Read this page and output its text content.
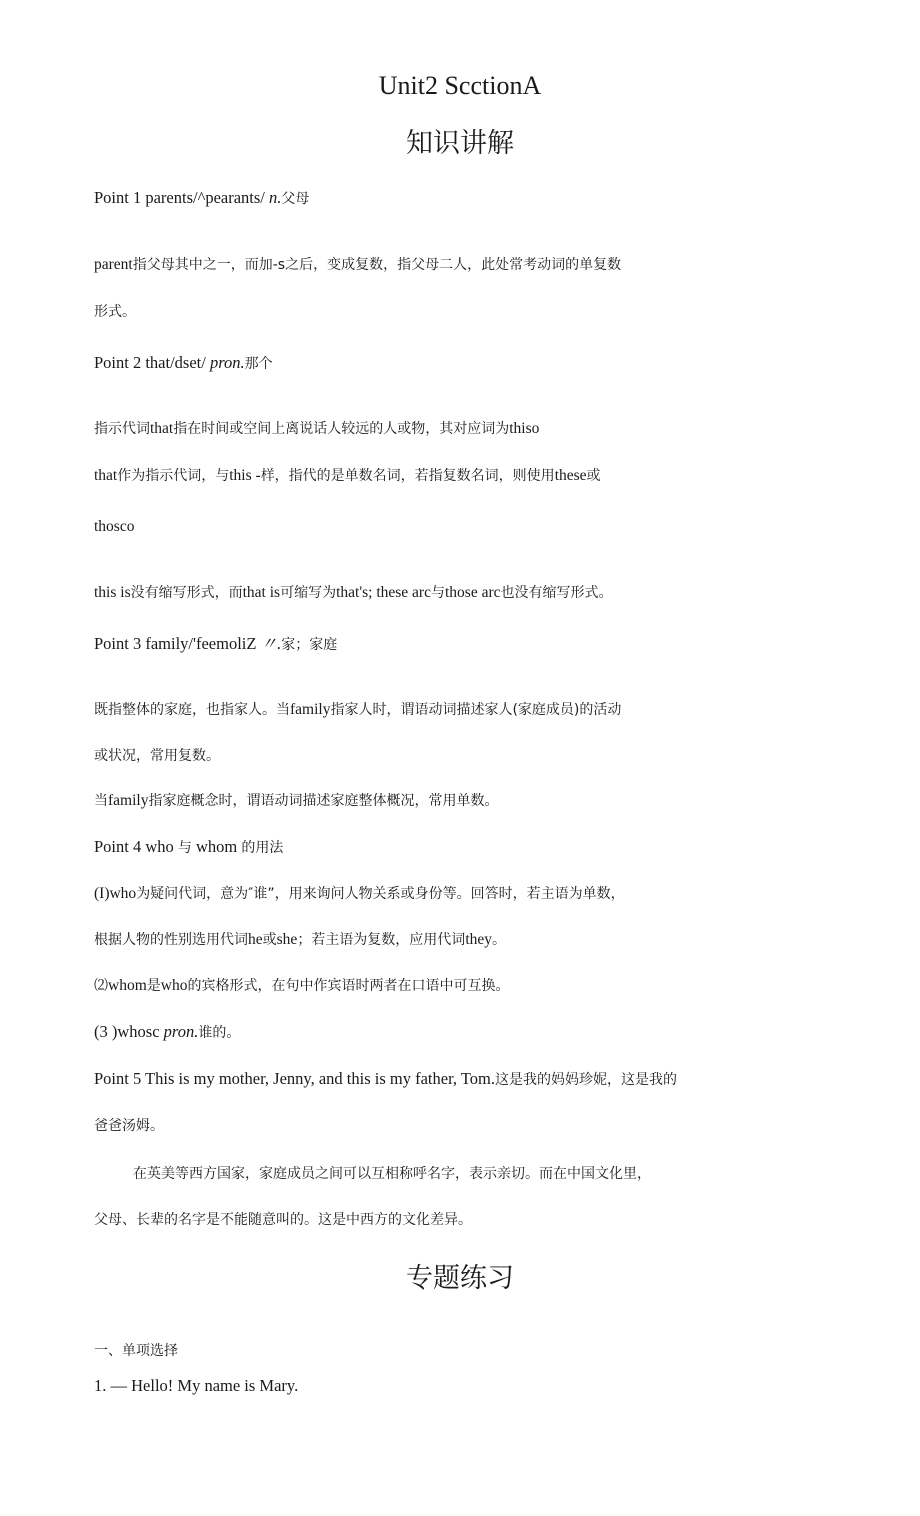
Unit2 ScctionA
知识讲解
Point 1 parents/^pearants/ n.父母
parent指父母其中之一，而加-s之后，变成复数，指父母二人，此处常考动词的单复数
形式。
Point 2 that/dset/ pron.那个
指示代词that指在时间或空间上离说话人较远的人或物，其对应词为thiso
that作为指示代词，与this -样，指代的是单数名词，若指复数名词，则使用these或
thosco
this is没有缩写形式，而that is可缩写为that's; these arc与those arc也没有缩写形式。
Point 3 family/'feemoliZ 〃.家；家庭
既指整体的家庭，也指家人。当family指家人时，谓语动词描述家人(家庭成员)的活动
或状况，常用复数。
当family指家庭概念时，谓语动词描述家庭整体概况，常用单数。
Point 4 who 与 whom 的用法
(I)who为疑问代词，意为″谁”，用来询问人物关系或身份等。回答时，若主语为单数，
根据人物的性别选用代词he或she；若主语为复数，应用代词they。
⑵whom是who的宾格形式，在句中作宾语时两者在口语中可互换。
(3 )whosc pron.谁的。
Point 5 This is my mother, Jenny, and this is my father, Tom.这是我的妈妈珍妮，这是我的
爸爸汤姆。
在英美等西方国家，家庭成员之间可以互相称呼名字，表示亲切。而在中国文化里，
父母、长辈的名字是不能随意叫的。这是中西方的文化差异。
专题练习
一、单项选择
1. — Hello! My name is Mary.
